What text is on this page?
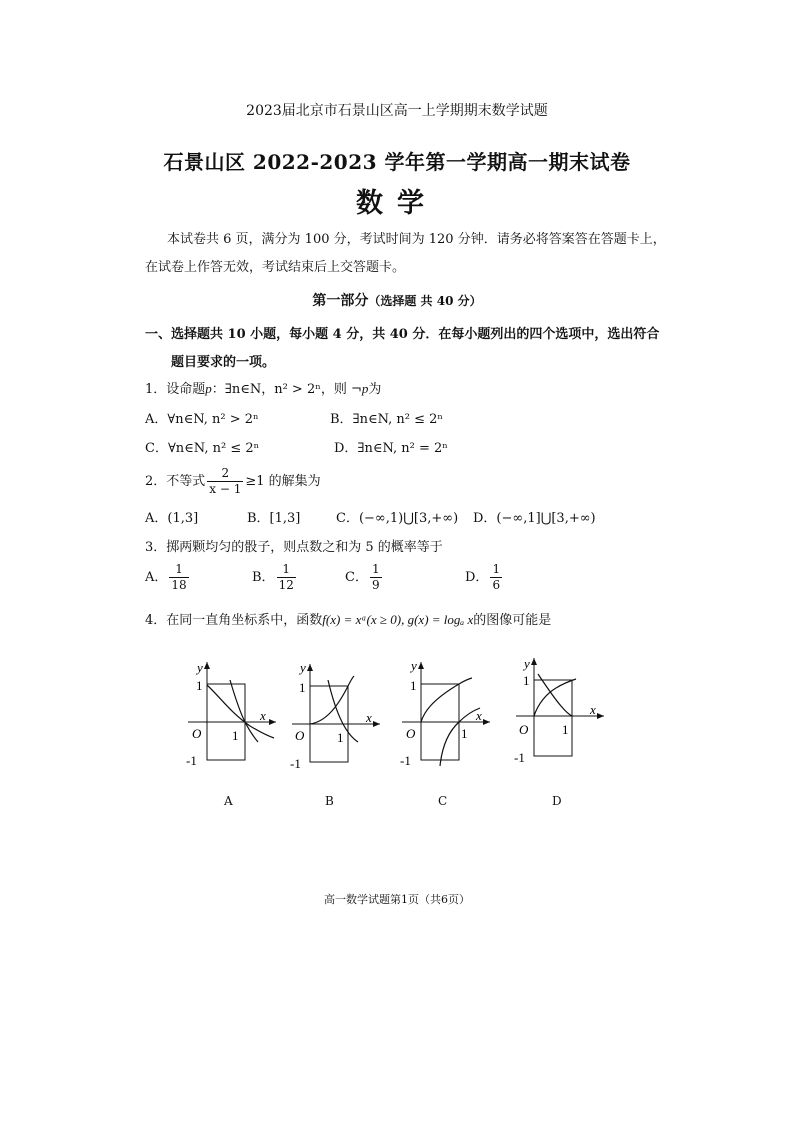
2023届北京市石景山区高一上学期期末数学试题
石景山区 2022-2023 学年第一学期高一期末试卷
数学
本试卷共 6 页，满分为 100 分，考试时间为 120 分钟．请务必将答案答在答题卡上，
在试卷上作答无效，考试结束后上交答题卡。
第一部分（选择题 共 40 分）
一、选择题共 10 小题，每小题 4 分，共 40 分．在每小题列出的四个选项中，选出符合
题目要求的一项。
1．设命题p：∃n∈N，n² > 2ⁿ，则 ¬p为
A．∀n∈N, n² > 2ⁿ	B．∃n∈N, n² ≤ 2ⁿ
C．∀n∈N, n² ≤ 2ⁿ	D．∃n∈N, n² = 2ⁿ
2．不等式 $\frac{2}{x - 1} \ge 1$ 的解集为
A．(1,3]	B．[1,3]	C．(−∞,1)⋃[3,+∞) D．(−∞,1]⋃[3,+∞)
3．掷两颗均匀的骰子，则点数之和为 5 的概率等于
A． $\frac{1}{18}$	B． $\frac{1}{12}$	C． $\frac{1}{9}$	D． $\frac{1}{6}$
4．在同一直角坐标系中，函数f(x) = xᵃ(x ≥ 0), g(x) = logₐ x的图像可能是
y
x
O
1
1
-1
y
x
O
1
1
-1
y
x
O
1
1
-1
y
x
O
1
1
-1
A	B	C	D
高一数学试题第1页（共6页）
